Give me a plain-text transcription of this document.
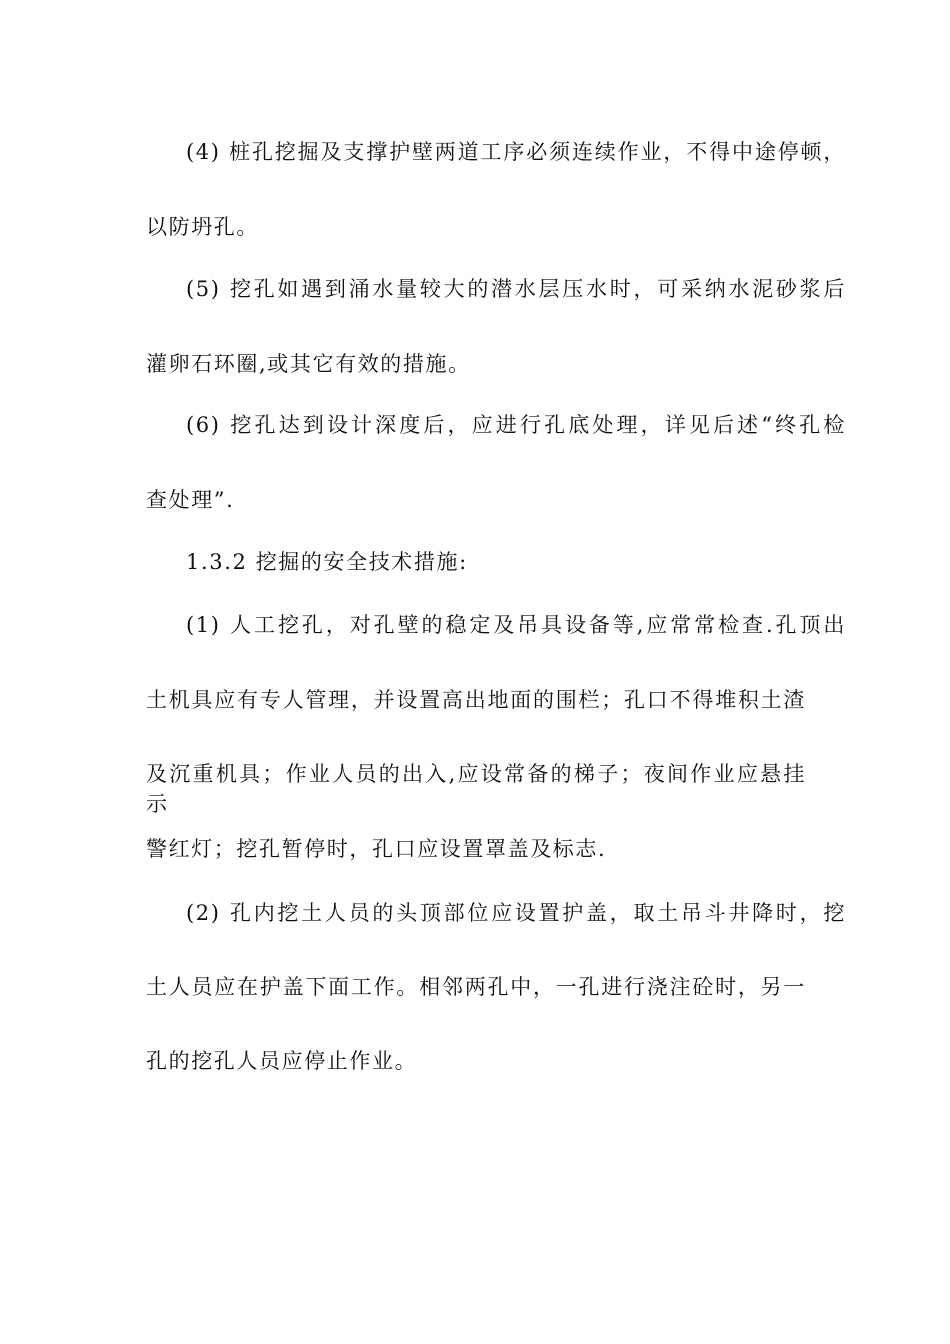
(4) 桩孔挖掘及支撑护壁两道工序必须连续作业，不得中途停顿，
以防坍孔。
(5) 挖孔如遇到涌水量较大的潜水层压水时，可采纳水泥砂浆后
灌卵石环圈,或其它有效的措施。
(6) 挖孔达到设计深度后，应进行孔底处理，详见后述“终孔检
查处理”.
1.3.2 挖掘的安全技术措施:
(1) 人工挖孔，对孔壁的稳定及吊具设备等,应常常检查.孔顶出
土机具应有专人管理，并设置高出地面的围栏；孔口不得堆积土渣
及沉重机具；作业人员的出入,应设常备的梯子；夜间作业应悬挂示
警红灯；挖孔暂停时，孔口应设置罩盖及标志.
(2) 孔内挖土人员的头顶部位应设置护盖，取土吊斗井降时，挖
土人员应在护盖下面工作。相邻两孔中，一孔进行浇注砼时，另一
孔的挖孔人员应停止作业。
